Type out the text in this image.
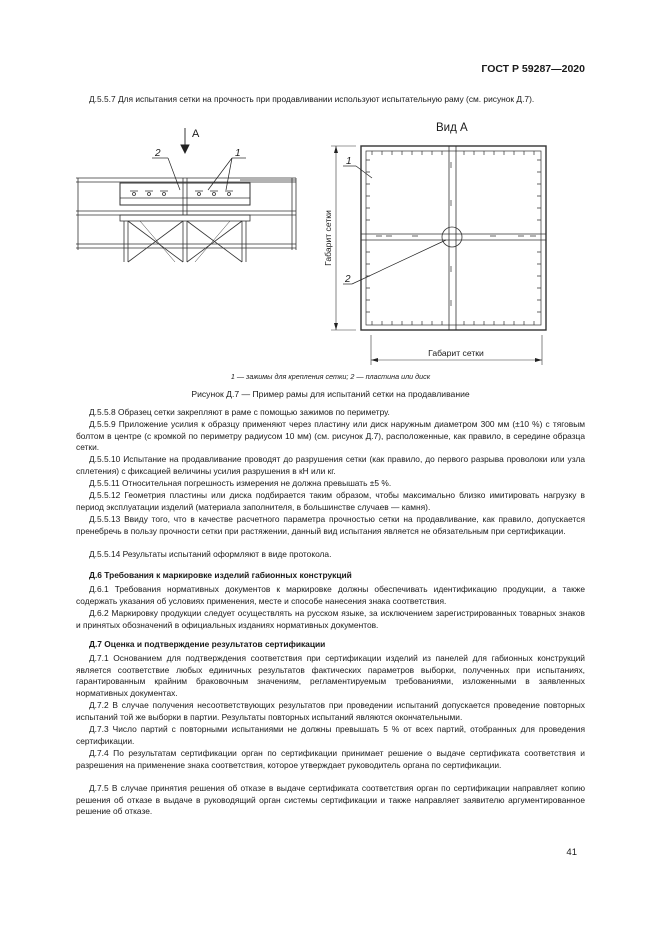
ГОСТ Р 59287—2020

Д.5.5.7 Для испытания сетки на прочность при продавливании используют испытательную раму (см. рисунок Д.7).

А
2	1
Вид А
Габарит сетки
Габарит сетки
1
2
1 — зажимы для крепления сетки; 2 — пластина или диск
Рисунок Д.7 — Пример рамы для испытаний сетки на продавливание

Д.5.5.8 Образец сетки закрепляют в раме с помощью зажимов по периметру.

Д.5.5.9 Приложение усилия к образцу применяют через пластину или диск наружным диаметром 300 мм (±10 %) с тяговым болтом в центре (с кромкой по периметру радиусом 10 мм) (см. рисунок Д.7), расположенные, как правило, в середине образца сетки.

Д.5.5.10 Испытание на продавливание проводят до разрушения сетки (как правило, до первого разрыва проволоки или узла сплетения) с фиксацией величины усилия разрушения в кН или кг.

Д.5.5.11 Относительная погрешность измерения не должна превышать ±5 %.

Д.5.5.12 Геометрия пластины или диска подбирается таким образом, чтобы максимально близко имитировать нагрузку в период эксплуатации изделий (материала заполнителя, в большинстве случаев — камня).

Д.5.5.13 Ввиду того, что в качестве расчетного параметра прочностью сетки на продавливание, как правило, допускается пренебречь в пользу прочности сетки при растяжении, данный вид испытания является не обязательным при сертификации.

Д.5.5.14 Результаты испытаний оформляют в виде протокола.

Д.6 Требования к маркировке изделий габионных конструкций

Д.6.1 Требования нормативных документов к маркировке должны обеспечивать идентификацию продукции, а также содержать указания об условиях применения, месте и способе нанесения знака соответствия.

Д.6.2 Маркировку продукции следует осуществлять на русском языке, за исключением зарегистрированных товарных знаков и принятых обозначений в официальных изданиях нормативных документов.

Д.7 Оценка и подтверждение результатов сертификации

Д.7.1 Основанием для подтверждения соответствия при сертификации изделий из панелей для габионных конструкций является соответствие любых единичных результатов фактических параметров выборки, полученных при испытаниях, гарантированным крайним браковочным значениям, регламентируемым требованиями, изложенными в заявленных нормативных документах.

Д.7.2 В случае получения несоответствующих результатов при проведении испытаний допускается проведение повторных испытаний той же выборки в партии. Результаты повторных испытаний являются окончательными.

Д.7.3 Число партий с повторными испытаниями не должны превышать 5 % от всех партий, отобранных для проведения сертификации.

Д.7.4 По результатам сертификации орган по сертификации принимает решение о выдаче сертификата соответствия и разрешения на применение знака соответствия, которое утверждает руководитель органа по сертификации.

Д.7.5 В случае принятия решения об отказе в выдаче сертификата соответствия орган по сертификации направляет копию решения об отказе в выдаче в руководящий орган системы сертификации и также направляет заявителю аргументированное решение об отказе.

41
